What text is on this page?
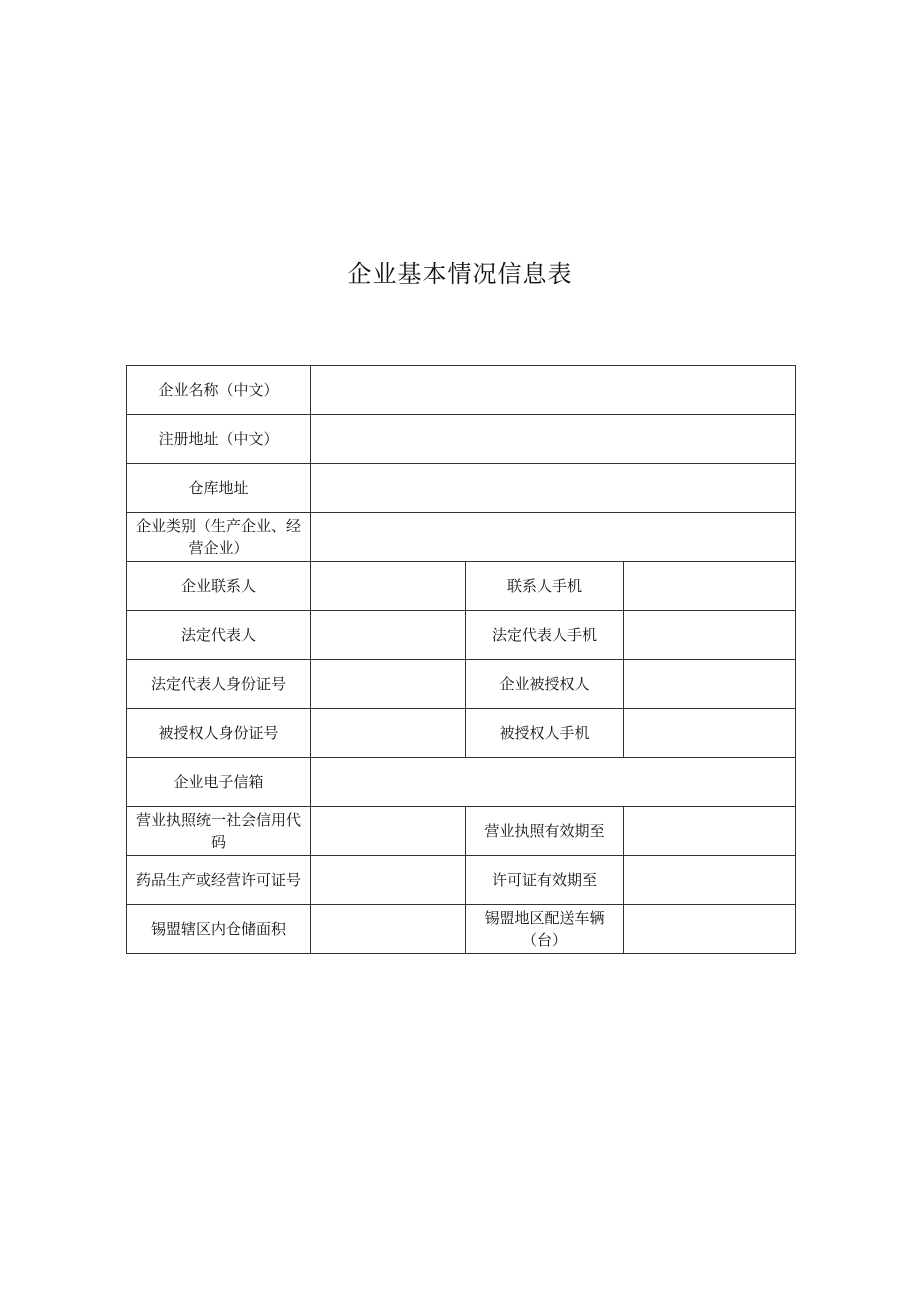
企业基本情况信息表
企业名称（中文）			
注册地址（中文）			
仓库地址			
企业类别（生产企业、经营企业）			
企业联系人		联系人手机	
法定代表人		法定代表人手机	
法定代表人身份证号		企业被授权人	
被授权人身份证号		被授权人手机	
企业电子信箱			
营业执照统一社会信用代码		营业执照有效期至	
药品生产或经营许可证号		许可证有效期至	
锡盟辖区内仓储面积		锡盟地区配送车辆（台）	
